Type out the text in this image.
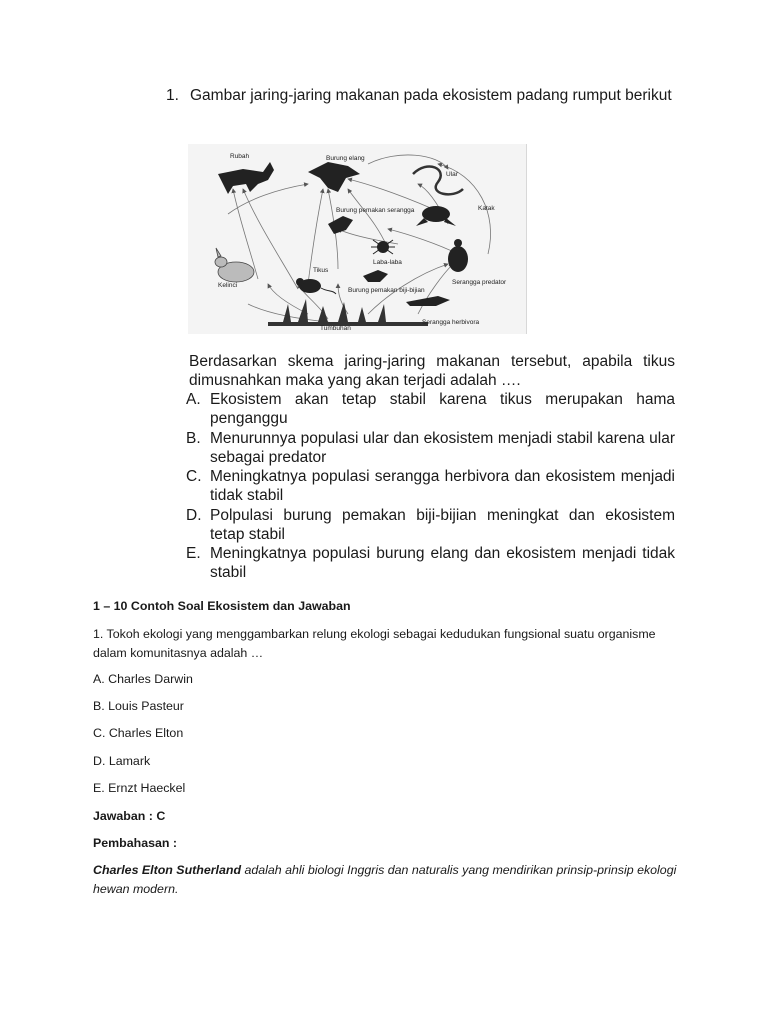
1. Gambar jaring-jaring makanan pada ekosistem padang rumput berikut
Rubah	Burung elang
Ular
Katak
Burung pemakan serangga
Laba-laba
Serangga predator
Kelinci
Tikus
Burung pemakan biji-bijian
Tumbuhan
Serangga herbivora
Berdasarkan skema jaring-jaring makanan tersebut, apabila tikus dimusnahkan maka yang akan terjadi adalah ….
A. Ekosistem akan tetap stabil karena tikus merupakan hama penganggu
B. Menurunnya populasi ular dan ekosistem menjadi stabil karena ular sebagai predator
C. Meningkatnya populasi serangga herbivora dan ekosistem menjadi tidak stabil
D. Polpulasi burung pemakan biji-bijian meningkat dan ekosistem tetap stabil
E. Meningkatnya populasi burung elang dan ekosistem menjadi tidak stabil
1 – 10 Contoh Soal Ekosistem dan Jawaban
1. Tokoh ekologi yang menggambarkan relung ekologi sebagai kedudukan fungsional suatu organisme dalam komunitasnya adalah …
A. Charles Darwin
B. Louis Pasteur
C. Charles Elton
D. Lamark
E. Ernzt Haeckel
Jawaban : C
Pembahasan :
Charles Elton Sutherland adalah ahli biologi Inggris dan naturalis yang mendirikan prinsip-prinsip ekologi hewan modern.
